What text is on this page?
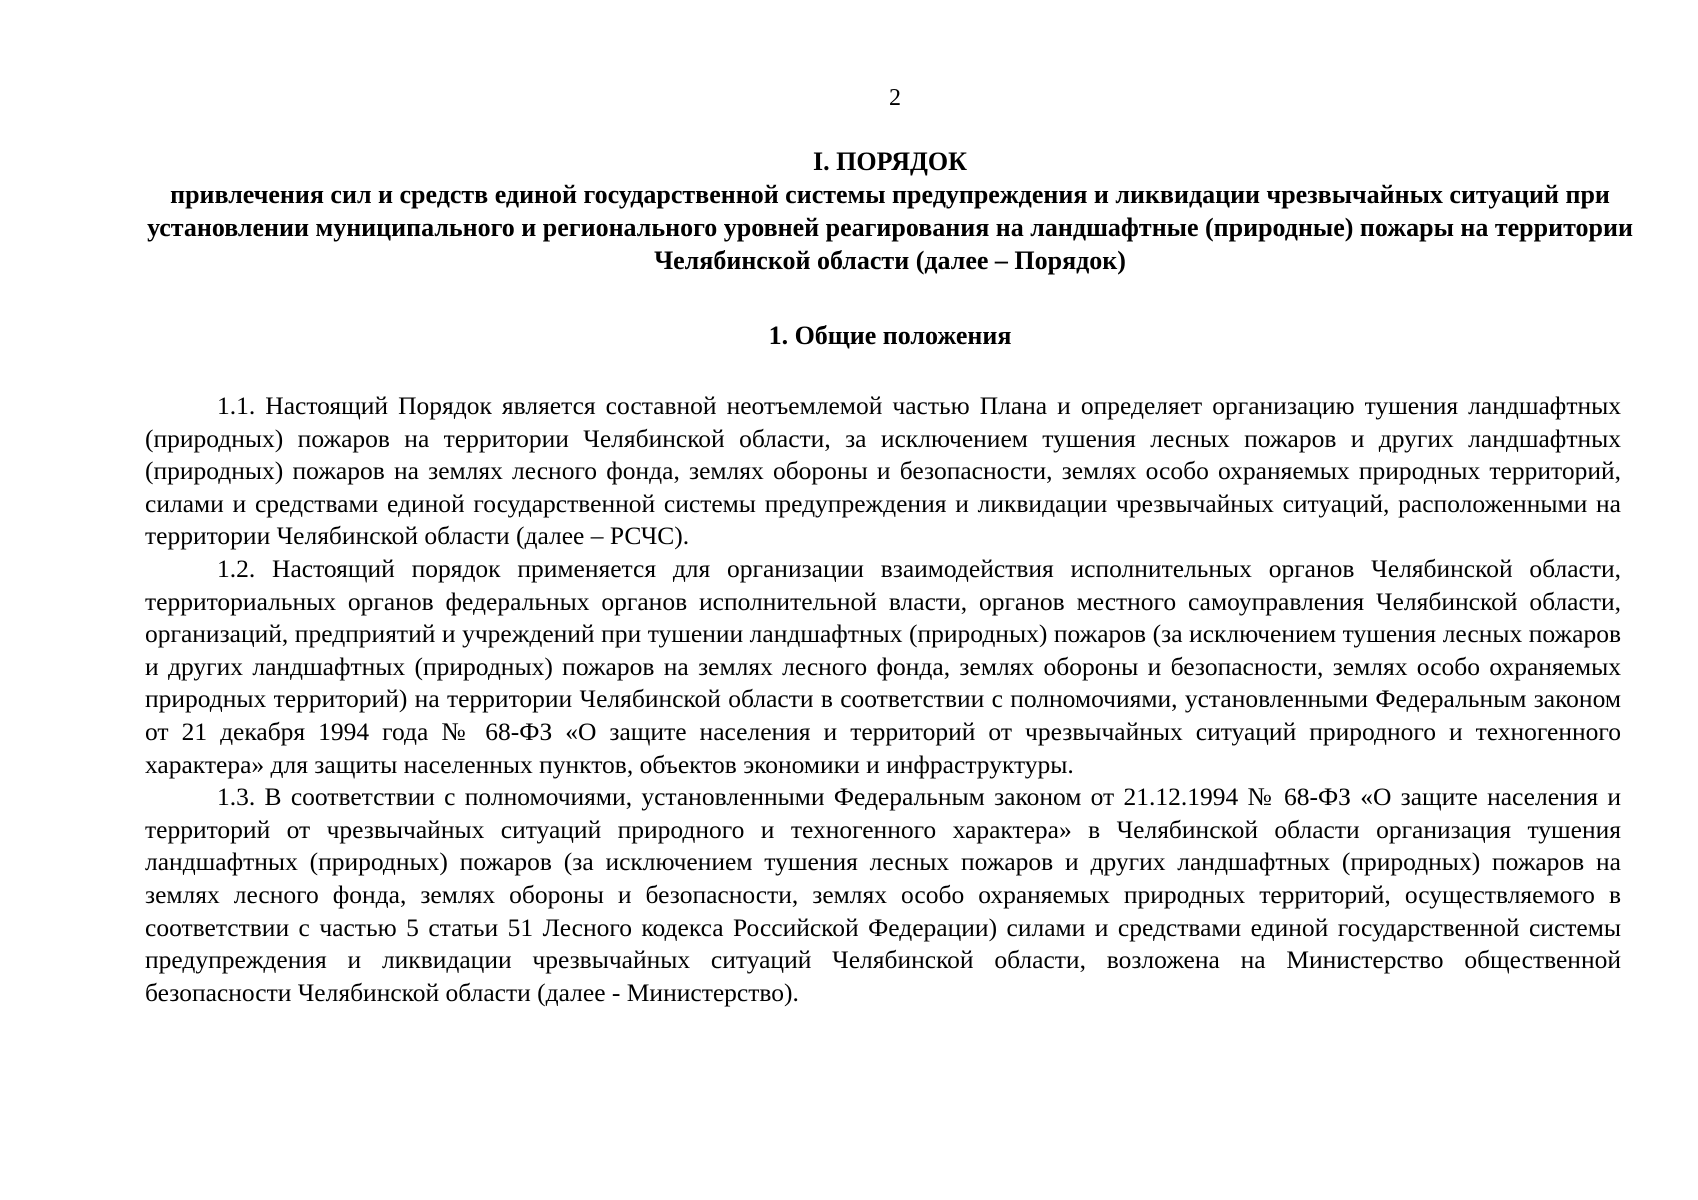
2
I. ПОРЯДОК
привлечения сил и средств единой государственной системы предупреждения и ликвидации чрезвычайных ситуаций при установлении муниципального и регионального уровней реагирования на ландшафтные (природные) пожары на территории Челябинской области (далее – Порядок)
1. Общие положения

1.1. Настоящий Порядок является составной неотъемлемой частью Плана и определяет организацию тушения ландшафтных (природных) пожаров на территории Челябинской области, за исключением тушения лесных пожаров и других ландшафтных (природных) пожаров на землях лесного фонда, землях обороны и безопасности, землях особо охраняемых природных территорий, силами и средствами единой государственной системы предупреждения и ликвидации чрезвычайных ситуаций, расположенными на территории Челябинской области (далее – РСЧС).

1.2. Настоящий порядок применяется для организации взаимодействия исполнительных органов Челябинской области, территориальных органов федеральных органов исполнительной власти, органов местного самоуправления Челябинской области, организаций, предприятий и учреждений при тушении ландшафтных (природных) пожаров (за исключением тушения лесных пожаров и других ландшафтных (природных) пожаров на землях лесного фонда, землях обороны и безопасности, землях особо охраняемых природных территорий) на территории Челябинской области в соответствии с полномочиями, установленными Федеральным законом от 21 декабря 1994 года № 68-ФЗ «О защите населения и территорий от чрезвычайных ситуаций природного и техногенного характера» для защиты населенных пунктов, объектов экономики и инфраструктуры.

1.3. В соответствии с полномочиями, установленными Федеральным законом от 21.12.1994 № 68-ФЗ «О защите населения и территорий от чрезвычайных ситуаций природного и техногенного характера» в Челябинской области организация тушения ландшафтных (природных) пожаров (за исключением тушения лесных пожаров и других ландшафтных (природных) пожаров на землях лесного фонда, землях обороны и безопасности, землях особо охраняемых природных территорий, осуществляемого в соответствии с частью 5 статьи 51 Лесного кодекса Российской Федерации) силами и средствами единой государственной системы предупреждения и ликвидации чрезвычайных ситуаций Челябинской области, возложена на Министерство общественной безопасности Челябинской области (далее - Министерство).
